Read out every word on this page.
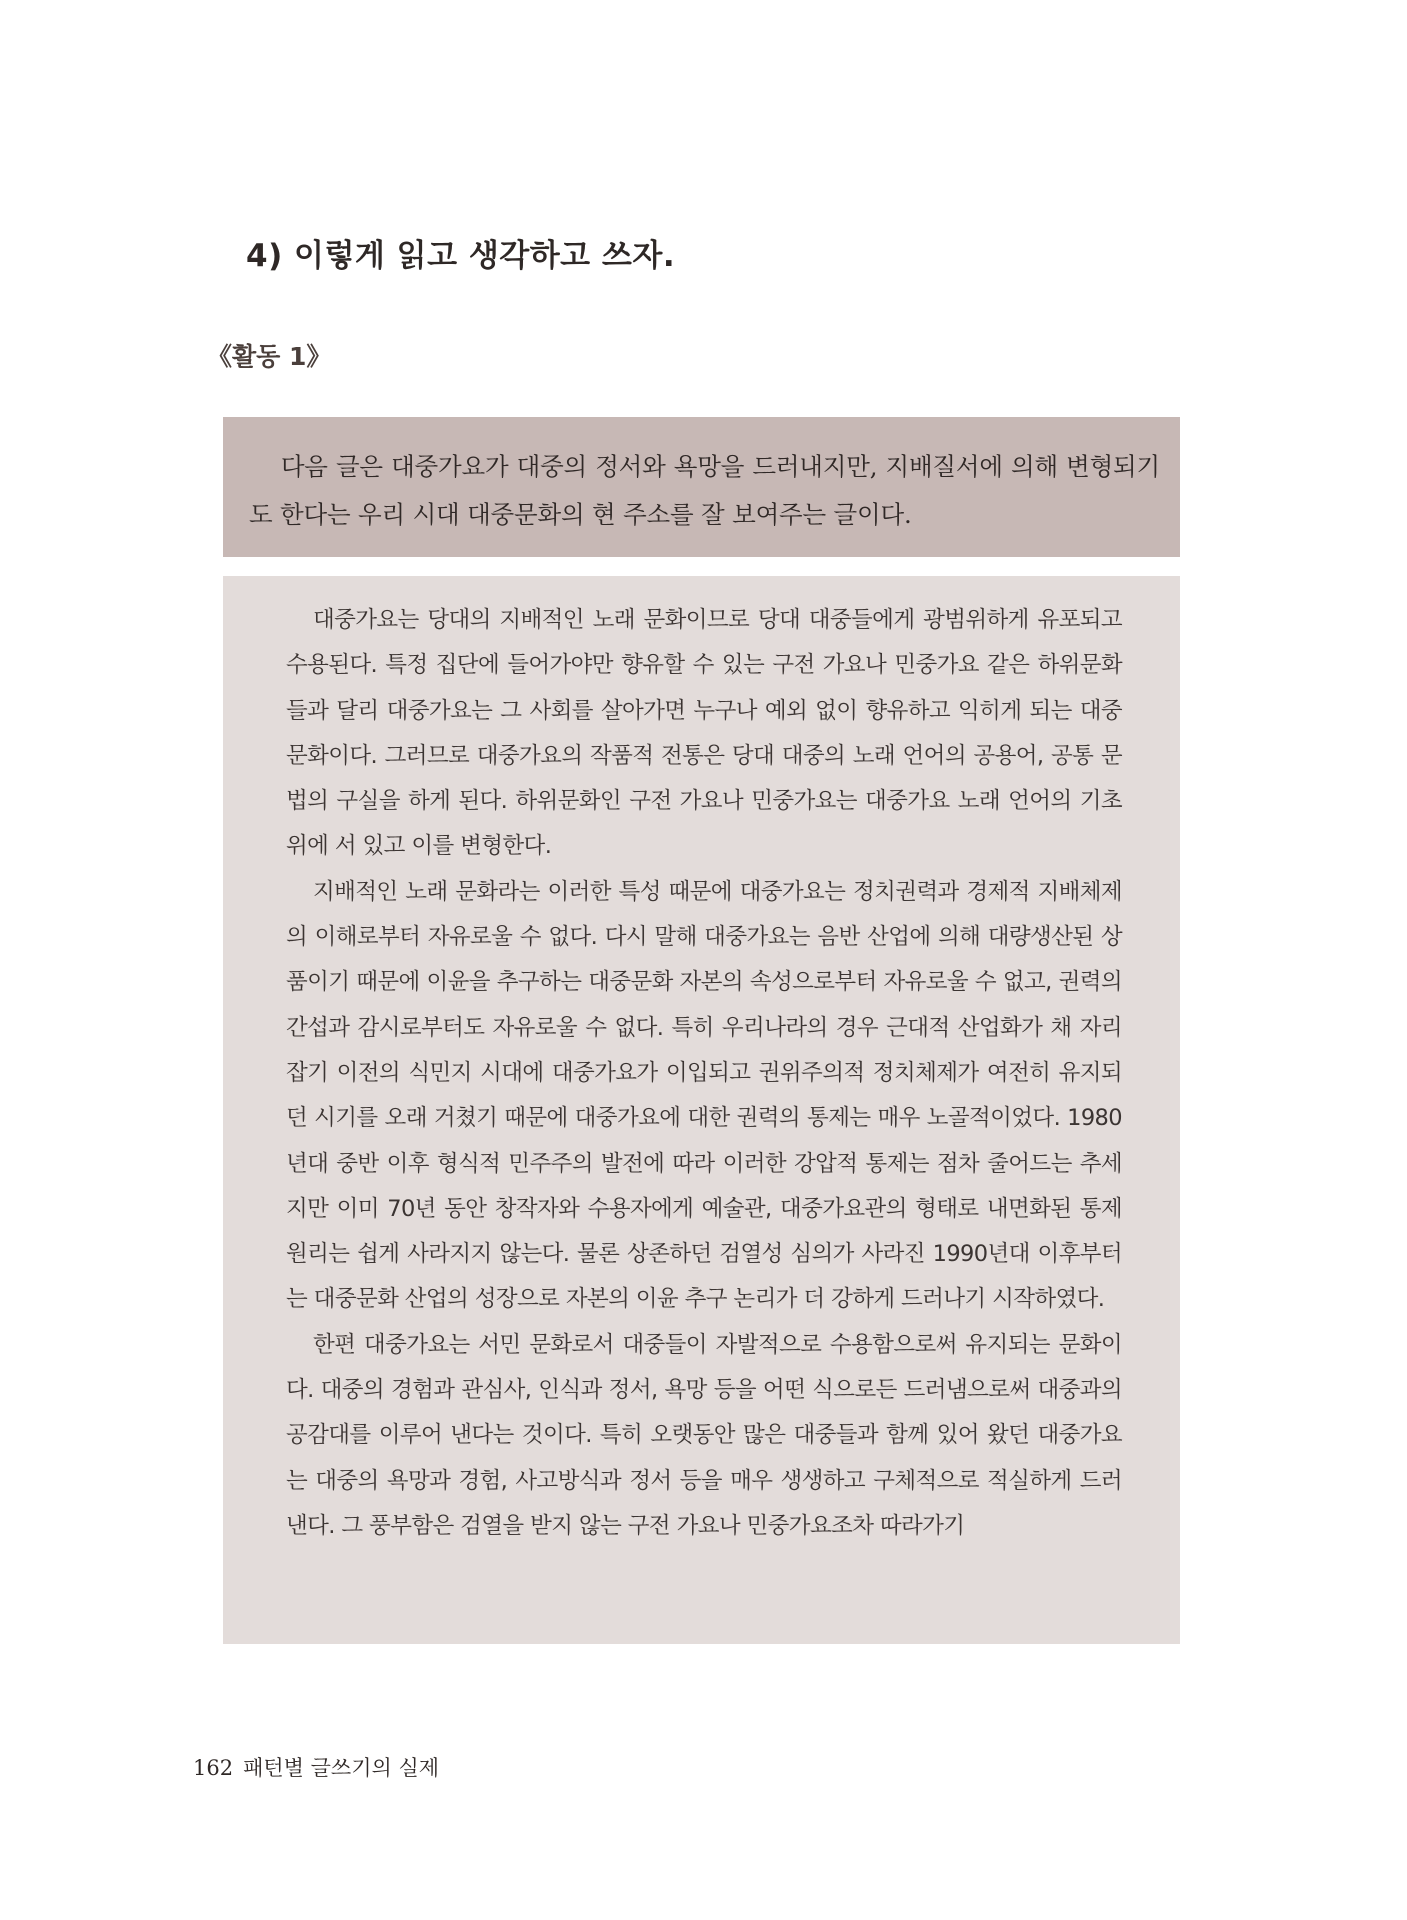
4) 이렇게 읽고 생각하고 쓰자.
《활동 1》

다음 글은 대중가요가 대중의 정서와 욕망을 드러내지만, 지배질서에 의해 변형되기도 한다는 우리 시대 대중문화의 현 주소를 잘 보여주는 글이다.

대중가요는 당대의 지배적인 노래 문화이므로 당대 대중들에게 광범위하게 유포되고 수용된다. 특정 집단에 들어가야만 향유할 수 있는 구전 가요나 민중가요 같은 하위문화들과 달리 대중가요는 그 사회를 살아가면 누구나 예외 없이 향유하고 익히게 되는 대중문화이다. 그러므로 대중가요의 작품적 전통은 당대 대중의 노래 언어의 공용어, 공통 문법의 구실을 하게 된다. 하위문화인 구전 가요나 민중가요는 대중가요 노래 언어의 기초 위에 서 있고 이를 변형한다.

지배적인 노래 문화라는 이러한 특성 때문에 대중가요는 정치권력과 경제적 지배체제의 이해로부터 자유로울 수 없다. 다시 말해 대중가요는 음반 산업에 의해 대량생산된 상품이기 때문에 이윤을 추구하는 대중문화 자본의 속성으로부터 자유로울 수 없고, 권력의 간섭과 감시로부터도 자유로울 수 없다. 특히 우리나라의 경우 근대적 산업화가 채 자리 잡기 이전의 식민지 시대에 대중가요가 이입되고 권위주의적 정치체제가 여전히 유지되던 시기를 오래 거쳤기 때문에 대중가요에 대한 권력의 통제는 매우 노골적이었다. 1980년대 중반 이후 형식적 민주주의 발전에 따라 이러한 강압적 통제는 점차 줄어드는 추세지만 이미 70년 동안 창작자와 수용자에게 예술관, 대중가요관의 형태로 내면화된 통제 원리는 쉽게 사라지지 않는다. 물론 상존하던 검열성 심의가 사라진 1990년대 이후부터는 대중문화 산업의 성장으로 자본의 이윤 추구 논리가 더 강하게 드러나기 시작하였다.

한편 대중가요는 서민 문화로서 대중들이 자발적으로 수용함으로써 유지되는 문화이다. 대중의 경험과 관심사, 인식과 정서, 욕망 등을 어떤 식으로든 드러냄으로써 대중과의 공감대를 이루어 낸다는 것이다. 특히 오랫동안 많은 대중들과 함께 있어 왔던 대중가요는 대중의 욕망과 경험, 사고방식과 정서 등을 매우 생생하고 구체적으로 적실하게 드러낸다. 그 풍부함은 검열을 받지 않는 구전 가요나 민중가요조차 따라가기

162 패턴별 글쓰기의 실제
